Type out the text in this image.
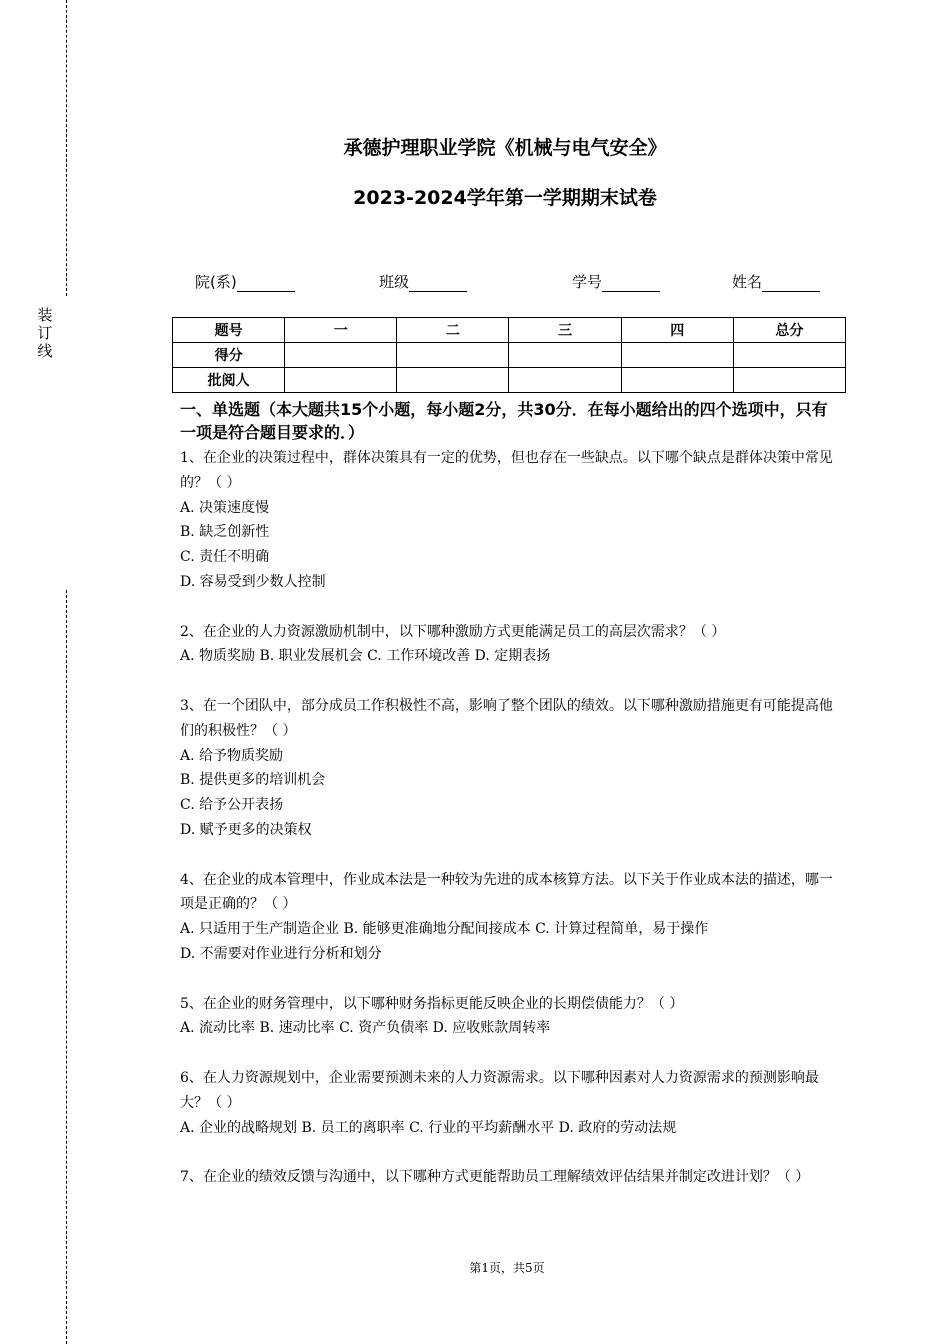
装订线
承德护理职业学院《机械与电气安全》
2023-2024学年第一学期期末试卷
院(系)	班级	学号	姓名
题号	一	二	三	四	总分
得分					
批阅人					
一、单选题（本大题共15个小题，每小题2分，共30分．在每小题给出的四个选项中，只有一项是符合题目要求的．）

1、在企业的决策过程中，群体决策具有一定的优势，但也存在一些缺点。以下哪个缺点是群体决策中常见的？（ ）

A. 决策速度慢

B. 缺乏创新性

C. 责任不明确

D. 容易受到少数人控制

2、在企业的人力资源激励机制中，以下哪种激励方式更能满足员工的高层次需求？（ ）

A. 物质奖励 B. 职业发展机会 C. 工作环境改善 D. 定期表扬

3、在一个团队中，部分成员工作积极性不高，影响了整个团队的绩效。以下哪种激励措施更有可能提高他们的积极性？（ ）

A. 给予物质奖励

B. 提供更多的培训机会

C. 给予公开表扬

D. 赋予更多的决策权

4、在企业的成本管理中，作业成本法是一种较为先进的成本核算方法。以下关于作业成本法的描述，哪一项是正确的？（ ）

A. 只适用于生产制造企业 B. 能够更准确地分配间接成本 C. 计算过程简单，易于操作

D. 不需要对作业进行分析和划分

5、在企业的财务管理中，以下哪种财务指标更能反映企业的长期偿债能力？（ ）

A. 流动比率 B. 速动比率 C. 资产负债率 D. 应收账款周转率

6、在人力资源规划中，企业需要预测未来的人力资源需求。以下哪种因素对人力资源需求的预测影响最大？（ ）

A. 企业的战略规划 B. 员工的离职率 C. 行业的平均薪酬水平 D. 政府的劳动法规

7、在企业的绩效反馈与沟通中，以下哪种方式更能帮助员工理解绩效评估结果并制定改进计划？（ ）

第1页，共5页
